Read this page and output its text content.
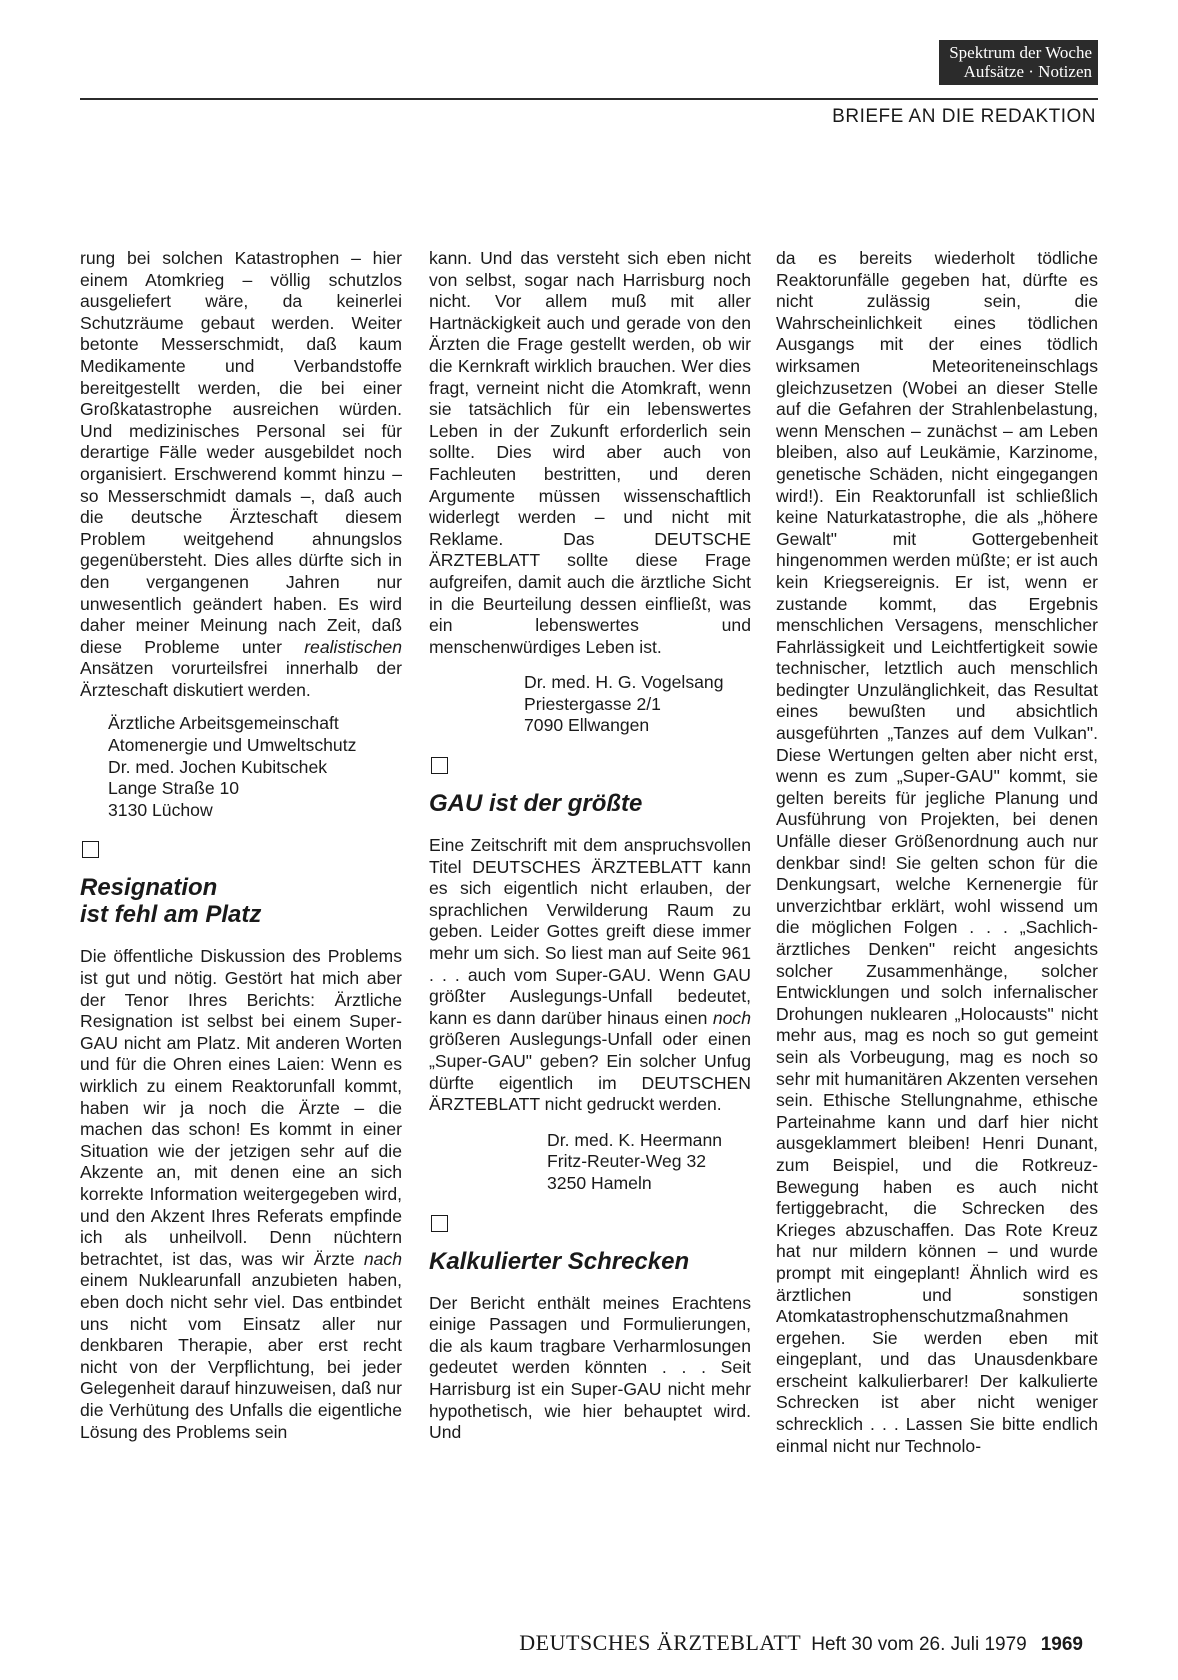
Spektrum der Woche
Aufsätze · Notizen
BRIEFE AN DIE REDAKTION

rung bei solchen Katastrophen – hier einem Atomkrieg – völlig schutzlos ausgeliefert wäre, da keinerlei Schutzräume gebaut werden. Weiter betonte Messerschmidt, daß kaum Medikamente und Verbandstoffe bereitgestellt werden, die bei einer Großkatastrophe ausreichen würden. Und medizinisches Personal sei für derartige Fälle weder ausgebildet noch organisiert. Erschwerend kommt hinzu – so Messerschmidt damals –, daß auch die deutsche Ärzteschaft diesem Problem weitgehend ahnungslos gegenübersteht. Dies alles dürfte sich in den vergangenen Jahren nur unwesentlich geändert haben. Es wird daher meiner Meinung nach Zeit, daß diese Probleme unter realistischen Ansätzen vorurteilsfrei innerhalb der Ärzteschaft diskutiert werden.

Ärztliche Arbeitsgemeinschaft
Atomenergie und Umweltschutz
Dr. med. Jochen Kubitschek
Lange Straße 10
3130 Lüchow
Resignation
ist fehl am Platz

Die öffentliche Diskussion des Problems ist gut und nötig. Gestört hat mich aber der Tenor Ihres Berichts: Ärztliche Resignation ist selbst bei einem Super-GAU nicht am Platz. Mit anderen Worten und für die Ohren eines Laien: Wenn es wirklich zu einem Reaktorunfall kommt, haben wir ja noch die Ärzte – die machen das schon! Es kommt in einer Situation wie der jetzigen sehr auf die Akzente an, mit denen eine an sich korrekte Information weitergegeben wird, und den Akzent Ihres Referats empfinde ich als unheilvoll. Denn nüchtern betrachtet, ist das, was wir Ärzte nach einem Nuklearunfall anzubieten haben, eben doch nicht sehr viel. Das entbindet uns nicht vom Einsatz aller nur denkbaren Therapie, aber erst recht nicht von der Verpflichtung, bei jeder Gelegenheit darauf hinzuweisen, daß nur die Verhütung des Unfalls die eigentliche Lösung des Problems sein

kann. Und das versteht sich eben nicht von selbst, sogar nach Harrisburg noch nicht. Vor allem muß mit aller Hartnäckigkeit auch und gerade von den Ärzten die Frage gestellt werden, ob wir die Kernkraft wirklich brauchen. Wer dies fragt, verneint nicht die Atomkraft, wenn sie tatsächlich für ein lebenswertes Leben in der Zukunft erforderlich sein sollte. Dies wird aber auch von Fachleuten bestritten, und deren Argumente müssen wissenschaftlich widerlegt werden – und nicht mit Reklame. Das DEUTSCHE ÄRZTEBLATT sollte diese Frage aufgreifen, damit auch die ärztliche Sicht in die Beurteilung dessen einfließt, was ein lebenswertes und menschenwürdiges Leben ist.

Dr. med. H. G. Vogelsang
Priestergasse 2/1
7090 Ellwangen
GAU ist der größte

Eine Zeitschrift mit dem anspruchsvollen Titel DEUTSCHES ÄRZTEBLATT kann es sich eigentlich nicht erlauben, der sprachlichen Verwilderung Raum zu geben. Leider Gottes greift diese immer mehr um sich. So liest man auf Seite 961 . . . auch vom Super-GAU. Wenn GAU größter Auslegungs-Unfall bedeutet, kann es dann darüber hinaus einen noch größeren Auslegungs-Unfall oder einen „Super-GAU" geben? Ein solcher Unfug dürfte eigentlich im DEUTSCHEN ÄRZTEBLATT nicht gedruckt werden.

Dr. med. K. Heermann
Fritz-Reuter-Weg 32
3250 Hameln
Kalkulierter Schrecken

Der Bericht enthält meines Erachtens einige Passagen und Formulierungen, die als kaum tragbare Verharmlosungen gedeutet werden könnten . . . Seit Harrisburg ist ein Super-GAU nicht mehr hypothetisch, wie hier behauptet wird. Und

da es bereits wiederholt tödliche Reaktorunfälle gegeben hat, dürfte es nicht zulässig sein, die Wahrscheinlichkeit eines tödlichen Ausgangs mit der eines tödlich wirksamen Meteoriteneinschlags gleichzusetzen (Wobei an dieser Stelle auf die Gefahren der Strahlenbelastung, wenn Menschen – zunächst – am Leben bleiben, also auf Leukämie, Karzinome, genetische Schäden, nicht eingegangen wird!). Ein Reaktorunfall ist schließlich keine Naturkatastrophe, die als „höhere Gewalt" mit Gottergebenheit hingenommen werden müßte; er ist auch kein Kriegsereignis. Er ist, wenn er zustande kommt, das Ergebnis menschlichen Versagens, menschlicher Fahrlässigkeit und Leichtfertigkeit sowie technischer, letztlich auch menschlich bedingter Unzulänglichkeit, das Resultat eines bewußten und absichtlich ausgeführten „Tanzes auf dem Vulkan". Diese Wertungen gelten aber nicht erst, wenn es zum „Super-GAU" kommt, sie gelten bereits für jegliche Planung und Ausführung von Projekten, bei denen Unfälle dieser Größenordnung auch nur denkbar sind! Sie gelten schon für die Denkungsart, welche Kernenergie für unverzichtbar erklärt, wohl wissend um die möglichen Folgen . . . „Sachlich-ärztliches Denken" reicht angesichts solcher Zusammenhänge, solcher Entwicklungen und solch infernalischer Drohungen nuklearen „Holocausts" nicht mehr aus, mag es noch so gut gemeint sein als Vorbeugung, mag es noch so sehr mit humanitären Akzenten versehen sein. Ethische Stellungnahme, ethische Parteinahme kann und darf hier nicht ausgeklammert bleiben! Henri Dunant, zum Beispiel, und die Rotkreuz-Bewegung haben es auch nicht fertiggebracht, die Schrecken des Krieges abzuschaffen. Das Rote Kreuz hat nur mildern können – und wurde prompt mit eingeplant! Ähnlich wird es ärztlichen und sonstigen Atomkatastrophenschutzmaßnahmen ergehen. Sie werden eben mit eingeplant, und das Unausdenkbare erscheint kalkulierbarer! Der kalkulierte Schrecken ist aber nicht weniger schrecklich . . . Lassen Sie bitte endlich einmal nicht nur Technolo-

DEUTSCHES ÄRZTEBLATT Heft 30 vom 26. Juli 1979 1969
